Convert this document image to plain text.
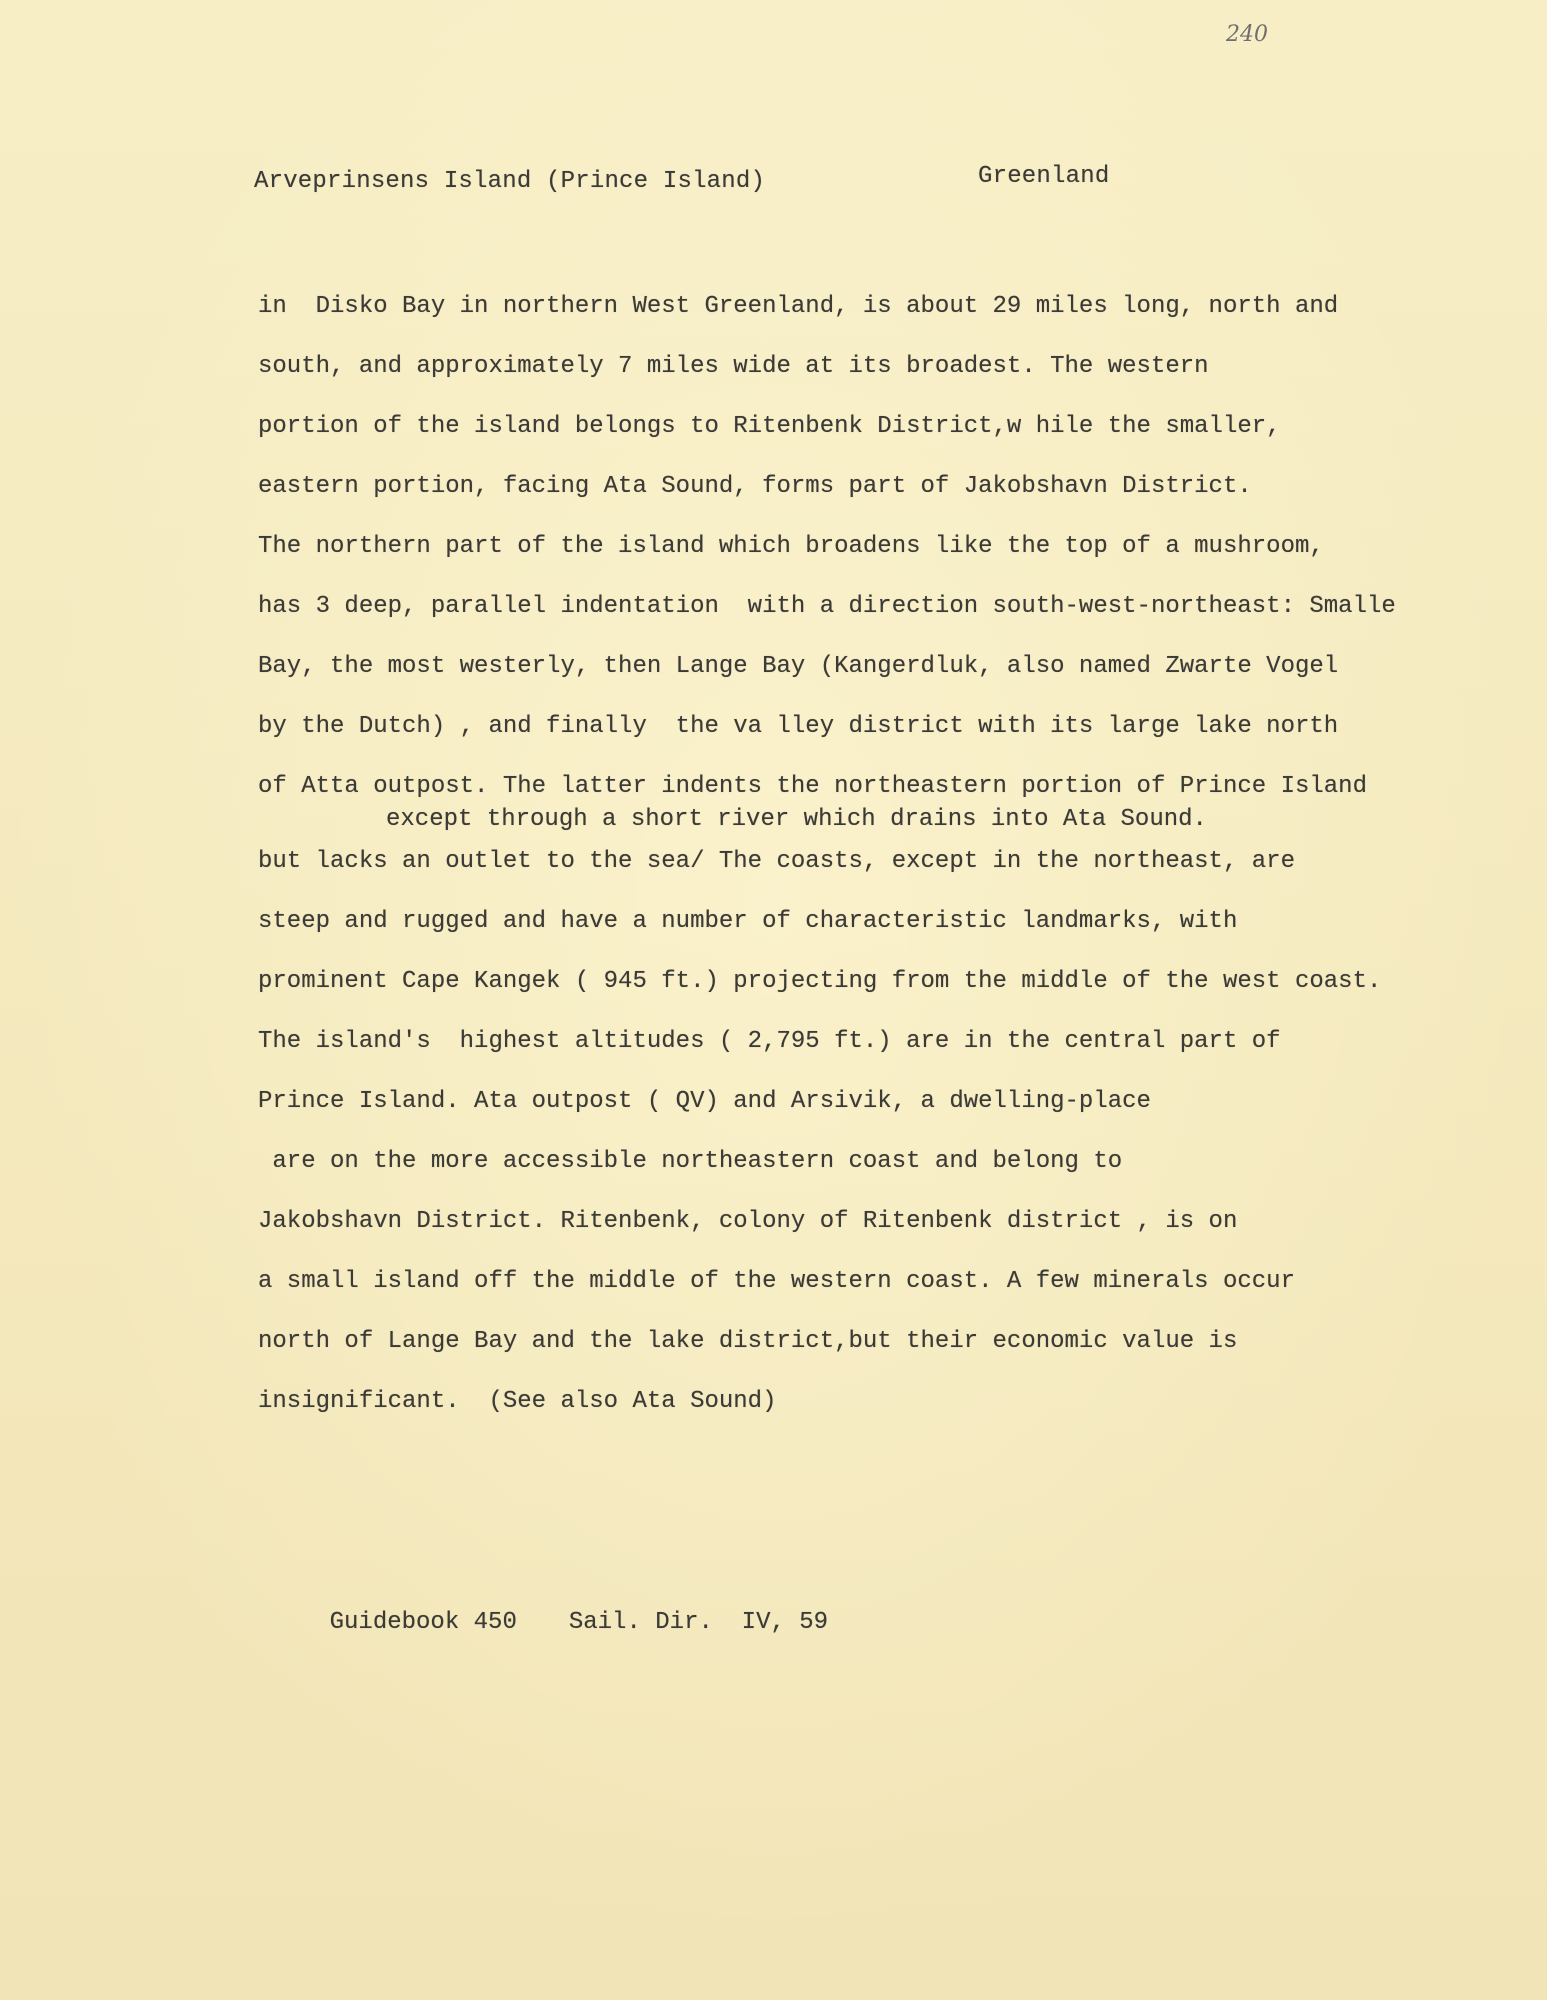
240
Arveprinsens Island (Prince Island)	Greenland
in  Disko Bay in northern West Greenland, is about 29 miles long, north and
south, and approximately 7 miles wide at its broadest. The western
portion of the island belongs to Ritenbenk District,w hile the smaller,
eastern portion, facing Ata Sound, forms part of Jakobshavn District.
The northern part of the island which broadens like the top of a mushroom,
has 3 deep, parallel indentation  with a direction south-west-northeast: Smalle
Bay, the most westerly, then Lange Bay (Kangerdluk, also named Zwarte Vogel
by the Dutch) , and finally  the va lley district with its large lake north
of Atta outpost. The latter indents the northeastern portion of Prince Island
except through a short river which drains into Ata Sound.
but lacks an outlet to the sea/ The coasts, except in the northeast, are
steep and rugged and have a number of characteristic landmarks, with
prominent Cape Kangek ( 945 ft.) projecting from the middle of the west coast.
The island's  highest altitudes ( 2,795 ft.) are in the central part of
Prince Island. Ata outpost ( QV) and Arsivik, a dwelling-place
are on the more accessible northeastern coast and belong to
Jakobshavn District. Ritenbenk, colony of Ritenbenk district , is on
a small island off the middle of the western coast. A few minerals occur
north of Lange Bay and the lake district,but their economic value is
insignificant.  (See also Ata Sound)

Guidebook 450 Sail. Dir.  IV, 59
